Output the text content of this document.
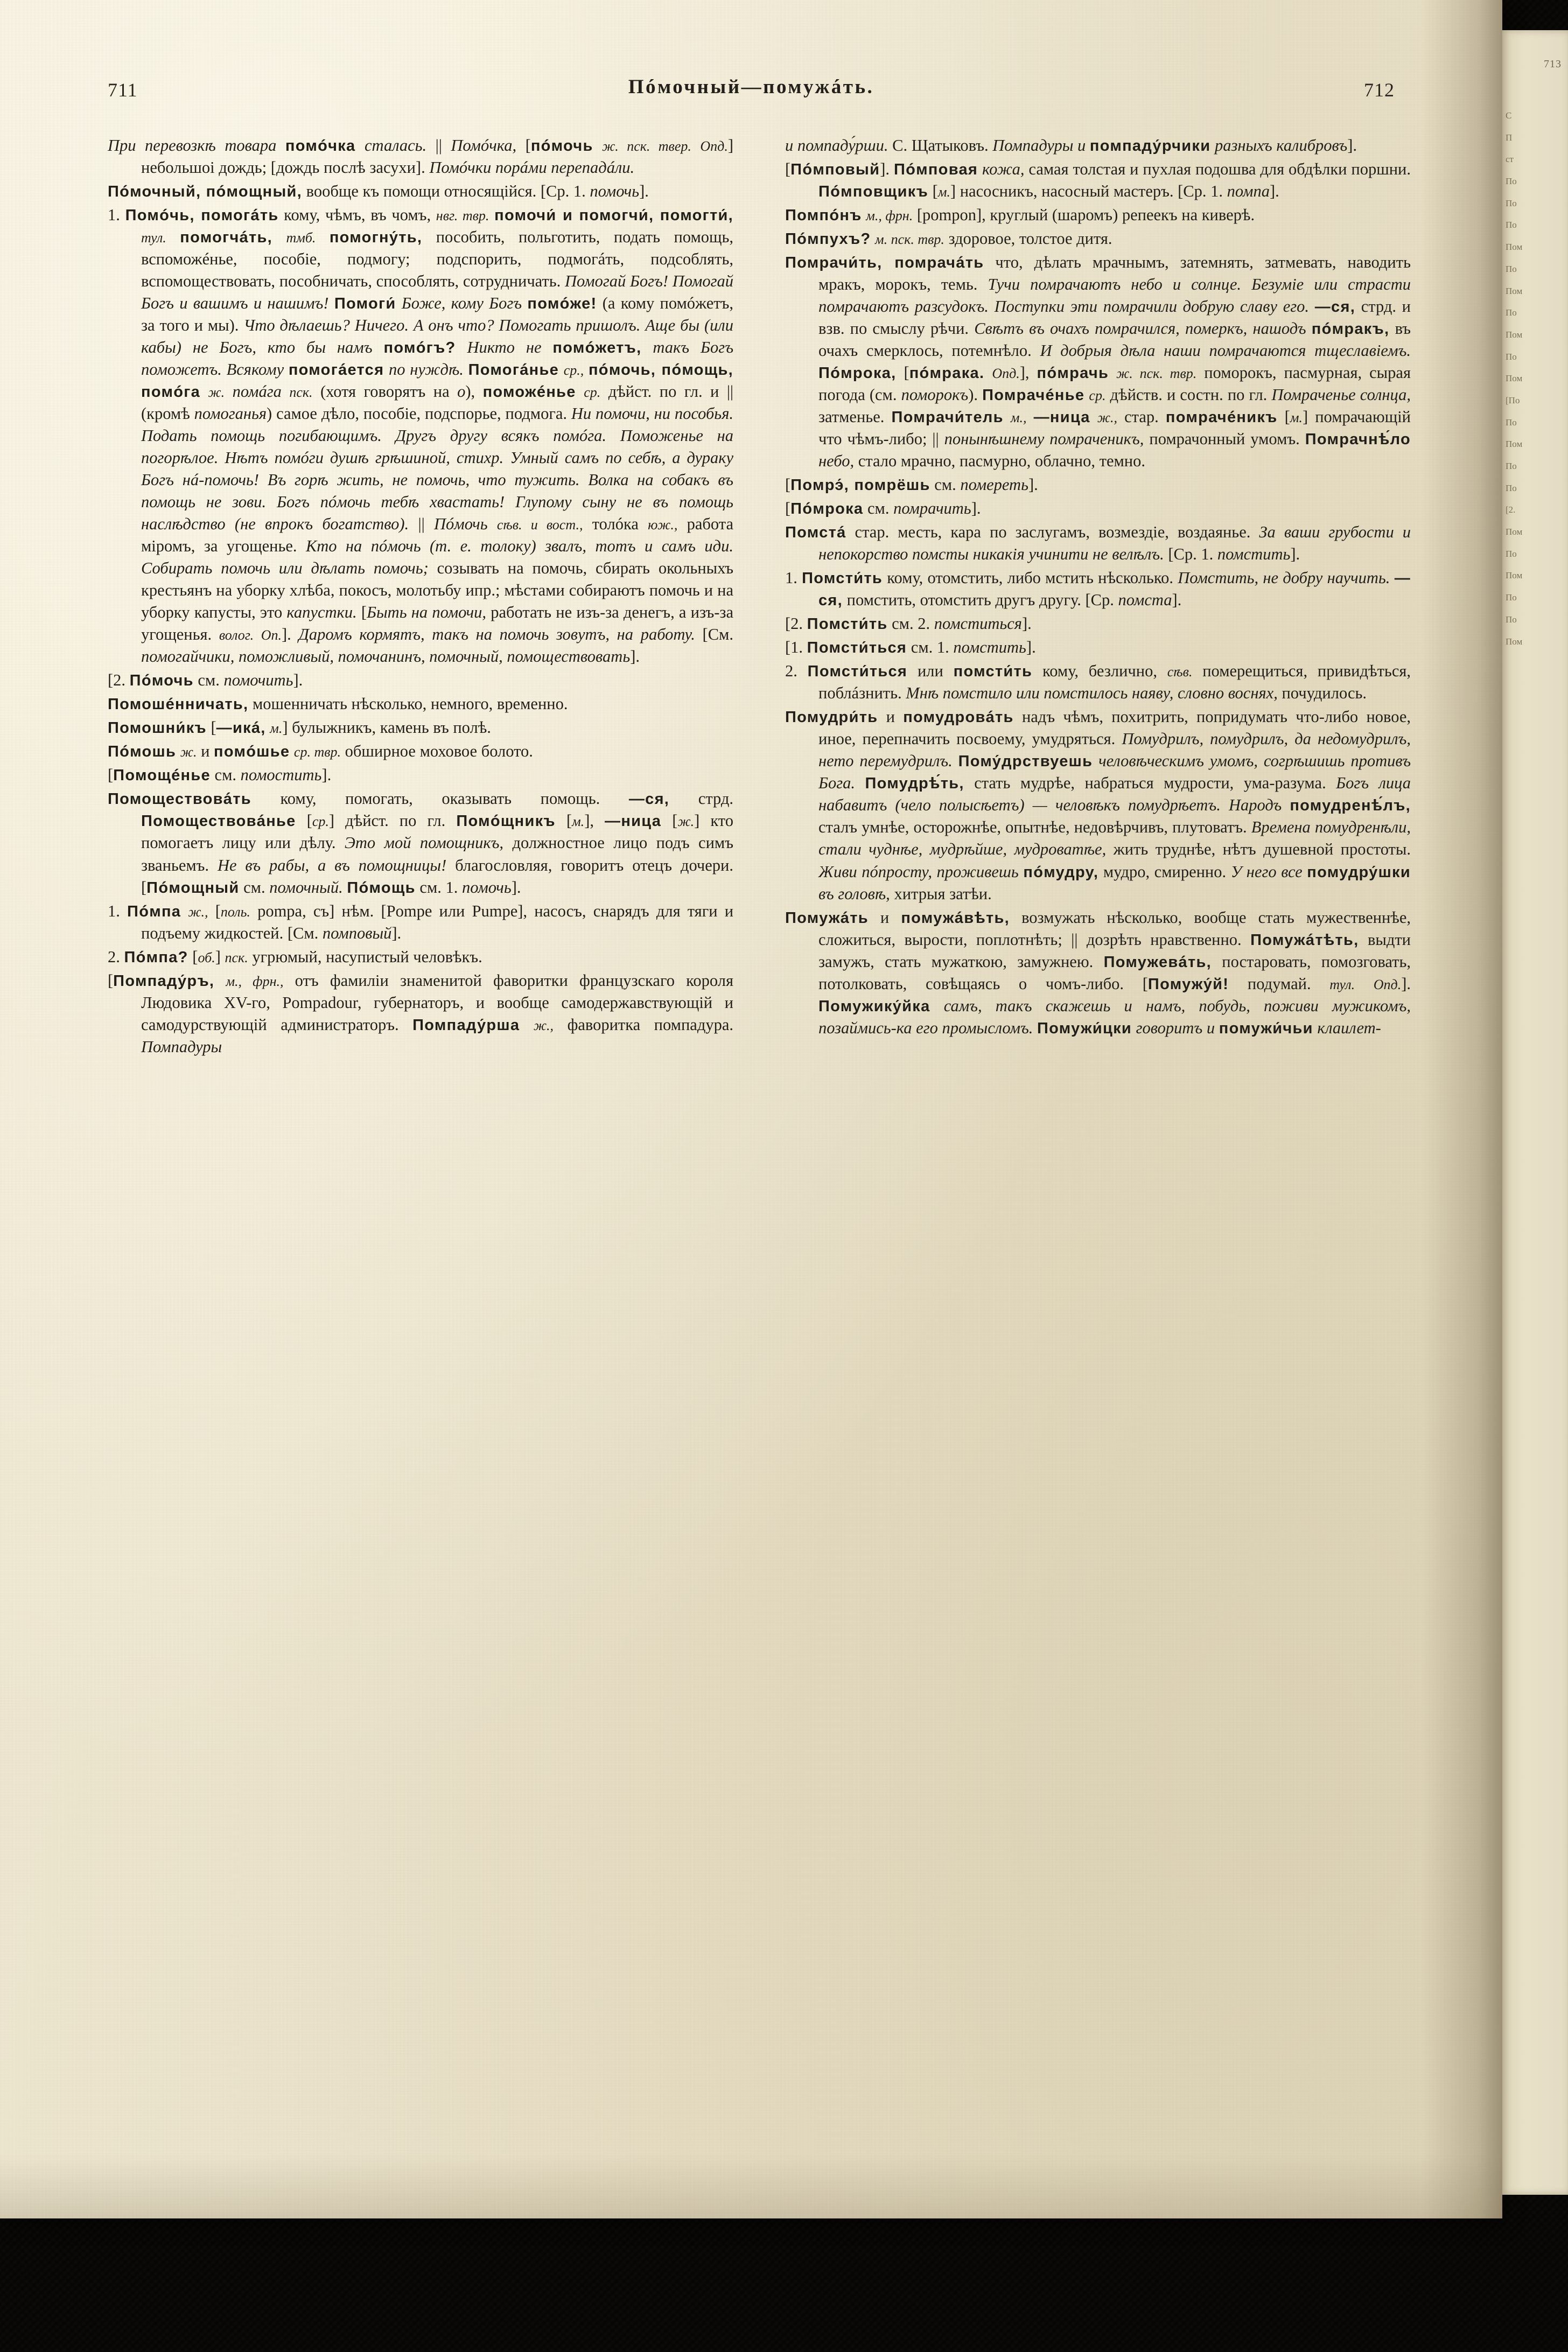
711	Пóмочный—помужáть.	712
При перевозкѣ товара помóчка сталась. || Помóчка, [пóмочь ж. пск. твер. Опд.] небольшоi дождь; [дождь послѣ засухи]. Помóчки порáми перепадáли.
Пóмочный, пóмощный, вообще къ помощи относящiйся. [Ср. 1. помочь].
1. Помóчь, помогáть кому, чѣмъ, въ чомъ, нвг. твр. помочи́ и помогчи́, помогти́, тул. помогчáть, тмб. помогну́ть, пособить, польготить, подать помощь, вспоможéнье, пособiе, подмогу; подспорить, подмогáть, подсоблять, вспомоществовать, пособничать, способлять, сотрудничать. Помогай Богъ! Помогай Богъ и вашимъ и нашимъ! Помоги́ Боже, кому Богъ помóже! (а кому помóжетъ, за того и мы). Что дѣлаешь? Ничего. А онъ что? Помогать пришолъ. Аще бы (или кабы) не Богъ, кто бы намъ помóгъ? Никто не помóжетъ, такъ Богъ поможетъ. Всякому помогáется по нуждѣ. Помогáнье ср., пóмочь, пóмощь, помóга ж. помáга пск. (хотя говорятъ на о), поможéнье ср. дѣйст. по гл. и || (кромѣ помоганья) самое дѣло, пособiе, подспорье, подмога. Ни помочи, ни пособья. Подать помощь погибающимъ. Другъ другу всякъ помóга. Поможенье на погорѣлое. Нѣтъ помóги душѣ грѣшиной, стихр. Умный самъ по себѣ, а дураку Богъ нá-помочь! Въ горѣ жить, не помочь, что тужить. Волка на собакъ въ помощь не зови. Богъ пóмочь тебѣ хвастать! Глупому сыну не въ помощь наслѣдство (не впрокъ богатство). || Пóмочь сѣв. и вост., толóка юж., работа мiромъ, за угощенье. Кто на пóмочь (т. е. толоку) звалъ, тотъ и самъ иди. Собирать помочь или дѣлать помочь; созывать на помочь, сбирать окольныхъ крестьянъ на уборку хлѣба, покосъ, молотьбу ипр.; мѣстами собираютъ помочь и на уборку капусты, это капустки. [Быть на помочи, работать не изъ-за денегъ, а изъ-за угощенья. волог. Оп.]. Даромъ кормятъ, такъ на помочь зовутъ, на работу. [См. помогайчики, поможливый, помочанинъ, помочный, помоществовать].
[2. Пóмочь см. помочить].
Помошéнничать, мошенничать нѣсколько, немного, временно.
Помошни́къ [—икá, м.] булыжникъ, камень въ полѣ.
Пóмошь ж. и помóшье ср. твр. обширное моховое болото.
[Помощéнье см. помостить].
Помоществовáть кому, помогать, оказывать помощь. —ся, стрд. Помоществовáнье [ср.] дѣйст. по гл. Помóщникъ [м.], —ница [ж.] кто помогаетъ лицу или дѣлу. Это мой помощникъ, должностное лицо подъ симъ званьемъ. Не въ рабы, а въ помощницы! благословляя, говоритъ отецъ дочери. [Пóмощный см. помочный. Пóмощь см. 1. помочь].
1. Пóмпа ж., [поль. pompa, съ] нѣм. [Pompe или Pumpe], насосъ, снарядъ для тяги и подъему жидкостей. [См. помповый].
2. Пóмпа? [об.] пск. угрюмый, насупистый человѣкъ.
[Помпаду́ръ, м., фрн., отъ фамилiи знаменитой фаворитки французскаго короля Людовика XV-го, Pompadour, губернаторъ, и вообще самодержавствующiй и самодурствующiй администраторъ. Помпаду́рша ж., фаворитка помпадура. Помпадуры
и помпаду́рши. С. Щатыковъ. Помпадуры и помпаду́рчики разныхъ калибровъ].
[Пóмповый]. Пóмповая кожа, самая толстая и пухлая подошва для обдѣлки поршни. Пóмповщикъ [м.] насосникъ, насосный мастеръ. [Ср. 1. помпа].
Помпóнъ м., фрн. [pompon], круглый (шаромъ) репеекъ на киверѣ.
Пóмпухъ? м. пск. твр. здоровое, толстое дитя.
Помрачи́ть, помрачáть что, дѣлать мрачнымъ, затемнять, затмевать, наводить мракъ, морокъ, темь. Тучи помрачаютъ небо и солнце. Безумiе или страсти помрачаютъ разсудокъ. Поступки эти помрачили добрую славу его. —ся, стрд. и взв. по смыслу рѣчи. Свѣтъ въ очахъ помрачился, померкъ, нашодъ пóмракъ, въ очахъ смерклось, потемнѣло. И добрыя дѣла наши помрачаются тщеславiемъ. Пóмрока, [пóмрака. Опд.], пóмрачь ж. пск. твр. поморокъ, пасмурная, сырая погода (см. поморокъ). Помрачéнье ср. дѣйств. и состн. по гл. Помраченье солнца, затменье. Помрачи́тель м., —ница ж., стар. помрачéникъ [м.] помрачающiй что чѣмъ-либо; || понынѣшнему помраченикъ, помрачонный умомъ. Помрачнѣ́ло небо, стало мрачно, пасмурно, облачно, темно.
[Помрэ́, помрёшь см. помереть].
[Пóмрока см. помрачить].
Помстá стар. месть, кара по заслугамъ, возмездiе, воздаянье. За ваши грубости и непокорство помсты никакiя учинити не велѣлъ. [Ср. 1. помстить].
1. Помсти́ть кому, отомстить, либо мстить нѣсколько. Помстить, не добру научить. —ся, помстить, отомстить другъ другу. [Ср. помста].
[2. Помсти́ть см. 2. помститься].
[1. Помсти́ться см. 1. помстить].
2. Помсти́ться или помсти́ть кому, безлично, сѣв. померещиться, привидѣться, поблáзнить. Мнѣ помстило или помстилось наяву, словно воснях, почудилось.
Помудри́ть и помудровáть надъ чѣмъ, похитрить, попридумать что-либо новое, иное, перепначить посвоему, умудряться. Помудрилъ, помудрилъ, да недомудрилъ, нето перемудрилъ. Пому́дрствуешь человѣческимъ умомъ, согрѣшишь противъ Бога. Помудрѣ́ть, стать мудрѣе, набраться мудрости, ума-разума. Богъ лица набавитъ (чело полысѣетъ) — человѣкъ помудрѣетъ. Народъ помудренѣ́лъ, сталъ умнѣе, осторожнѣе, опытнѣе, недовѣрчивъ, плутоватъ. Времена помудренѣли, стали чуднѣе, мудрѣйше, мудроватѣе, жить труднѣе, нѣтъ душевной простоты. Живи пóпросту, проживешь пóмудру, мудро, смиренно. У него все помудру́шки въ головѣ, хитрыя затѣи.
Помужáть и помужáвѣть, возмужать нѣсколько, вообще стать мужественнѣе, сложиться, вырости, поплотнѣть; || дозрѣть нравственно. Помужáтѣть, выдти замужъ, стать мужаткою, замужнею. Помужевáть, постаровать, помозговать, потолковать, совѣщаясь о чомъ-либо. [Помужу́й! подумай. тул. Опд.]. Помужику́йка самъ, такъ скажешь и намъ, побудь, поживи мужикомъ, позаймись-ка его промысломъ. Помужи́цки говоритъ и помужи́чьи клаилет-
713
С
П
ст
По
По
По
Пом
По
Пом
По
Пом
По
Пом
[По
По
Пом
По
По
[2.
Пом
По
Пом
По
По
Пом
